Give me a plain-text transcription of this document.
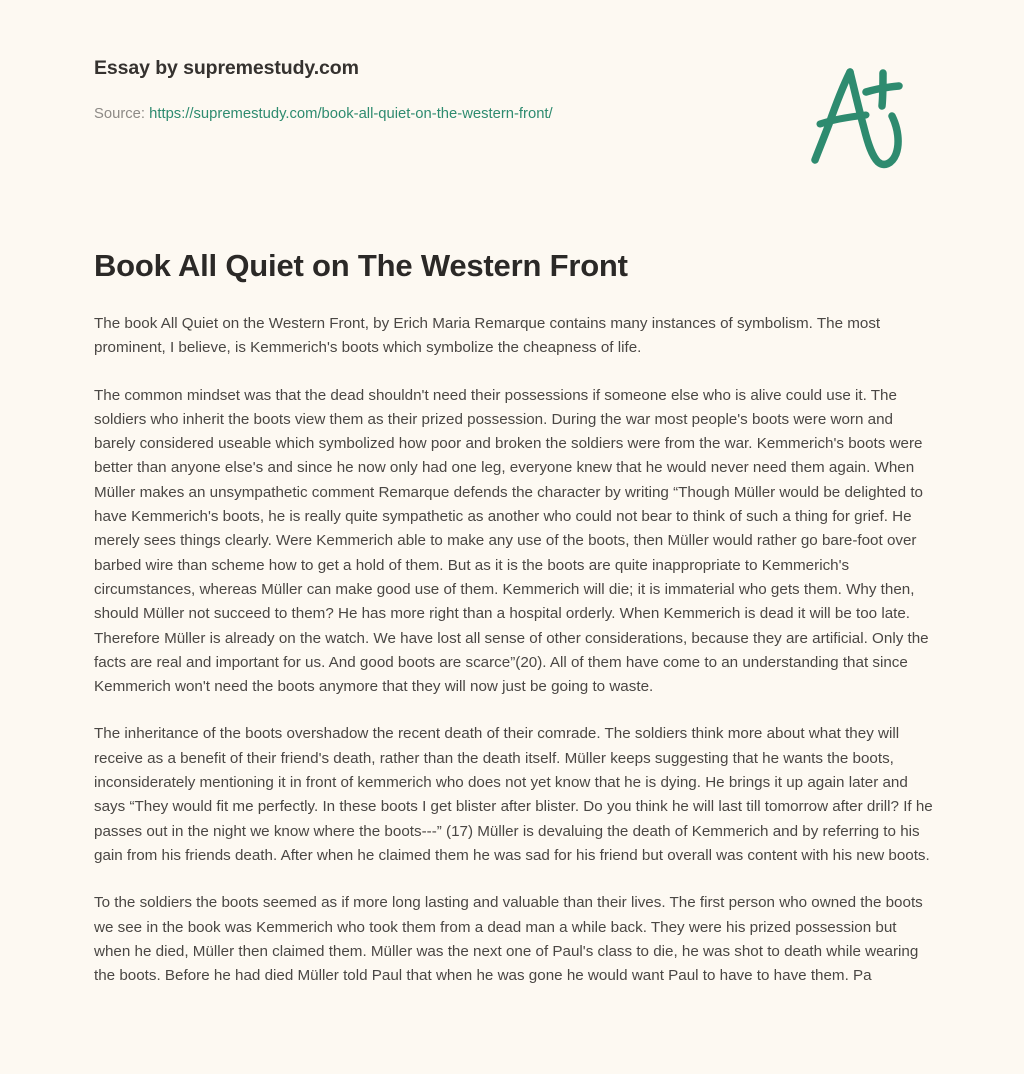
Essay by supremestudy.com
Source: https://supremestudy.com/book-all-quiet-on-the-western-front/
Book All Quiet on The Western Front

The book All Quiet on the Western Front, by Erich Maria Remarque contains many instances of symbolism. The most prominent, I believe, is Kemmerich's boots which symbolize the cheapness of life.

The common mindset was that the dead shouldn't need their possessions if someone else who is alive could use it. The soldiers who inherit the boots view them as their prized possession. During the war most people's boots were worn and barely considered useable which symbolized how poor and broken the soldiers were from the war. Kemmerich's boots were better than anyone else's and since he now only had one leg, everyone knew that he would never need them again. When Müller makes an unsympathetic comment Remarque defends the character by writing “Though Müller would be delighted to have Kemmerich's boots, he is really quite sympathetic as another who could not bear to think of such a thing for grief. He merely sees things clearly. Were Kemmerich able to make any use of the boots, then Müller would rather go bare-foot over barbed wire than scheme how to get a hold of them. But as it is the boots are quite inappropriate to Kemmerich's circumstances, whereas Müller can make good use of them. Kemmerich will die; it is immaterial who gets them. Why then, should Müller not succeed to them? He has more right than a hospital orderly. When Kemmerich is dead it will be too late. Therefore Müller is already on the watch. We have lost all sense of other considerations, because they are artificial. Only the facts are real and important for us. And good boots are scarce”(20). All of them have come to an understanding that since Kemmerich won't need the boots anymore that they will now just be going to waste.

The inheritance of the boots overshadow the recent death of their comrade. The soldiers think more about what they will receive as a benefit of their friend's death, rather than the death itself. Müller keeps suggesting that he wants the boots, inconsiderately mentioning it in front of kemmerich who does not yet know that he is dying. He brings it up again later and says “They would fit me perfectly. In these boots I get blister after blister. Do you think he will last till tomorrow after drill? If he passes out in the night we know where the boots---” (17) Müller is devaluing the death of Kemmerich and by referring to his gain from his friends death. After when he claimed them he was sad for his friend but overall was content with his new boots.

To the soldiers the boots seemed as if more long lasting and valuable than their lives. The first person who owned the boots we see in the book was Kemmerich who took them from a dead man a while back. They were his prized possession but when he died, Müller then claimed them. Müller was the next one of Paul's class to die, he was shot to death while wearing the boots. Before he had died Müller told Paul that when he was gone he would want Paul to have to have them. Pa
